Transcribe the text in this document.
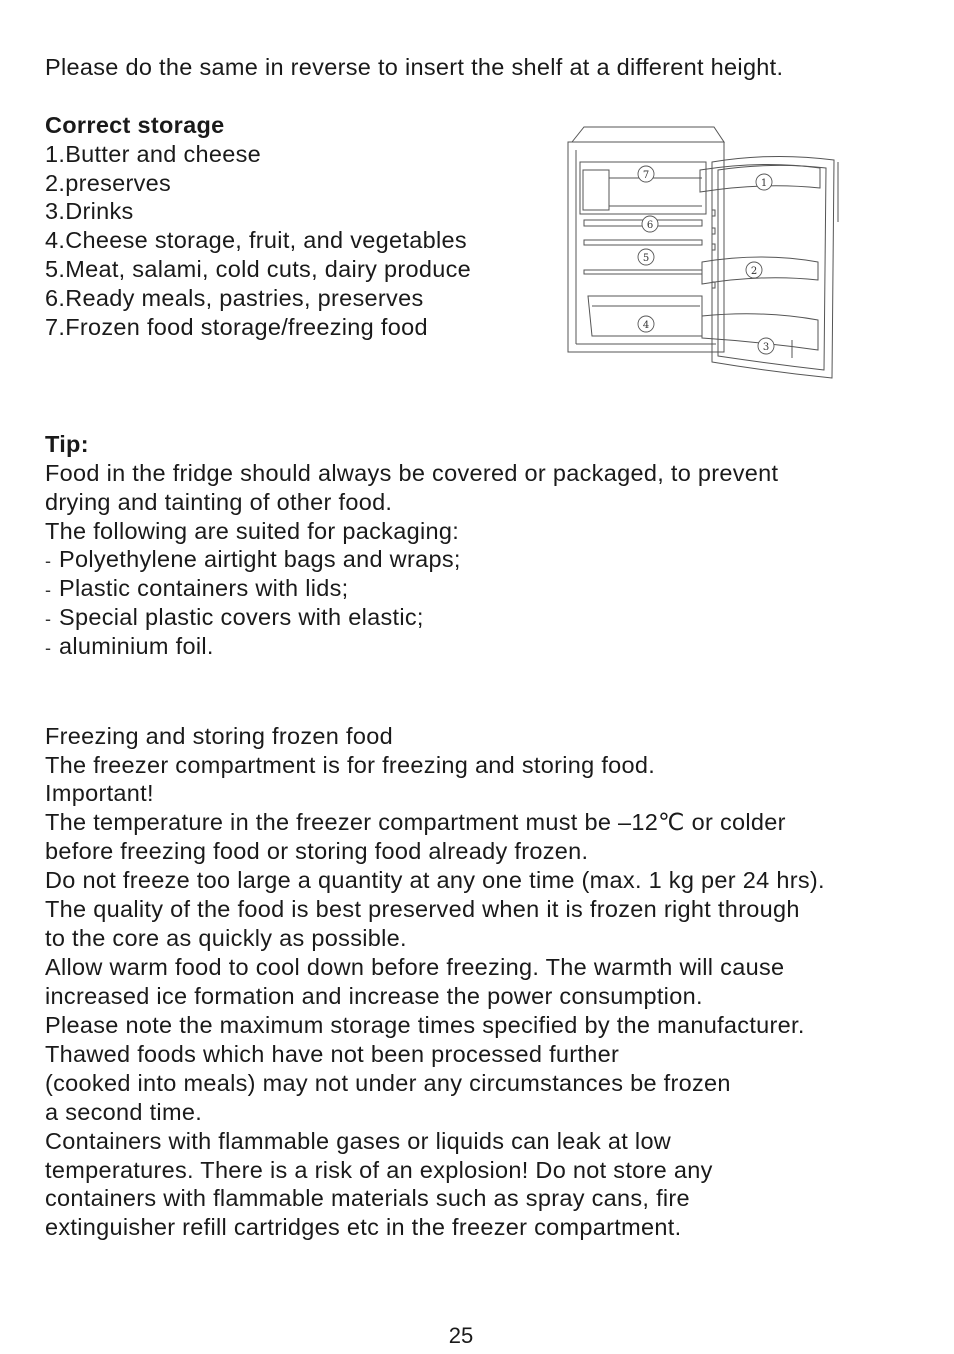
Please do the same in reverse to insert the shelf at a different height.
Correct storage
1.Butter and cheese
2.preserves
3.Drinks
4.Cheese storage, fruit, and vegetables
5.Meat, salami, cold cuts, dairy produce
6.Ready meals, pastries, preserves
7.Frozen food storage/freezing food
7
1
6
5
2
4
3
Tip:
Food in the fridge should always be covered or packaged, to prevent
drying and tainting of other food.
The following are suited for packaging:
- Polyethylene airtight bags and wraps;
- Plastic containers with lids;
- Special plastic covers with elastic;
- aluminium foil.
Freezing and storing frozen food
The freezer compartment is for freezing and storing food.
Important!
The temperature in the freezer compartment must be –12℃ or colder
before freezing food or storing food already frozen.
Do not freeze too large a quantity at any one time (max. 1 kg per 24 hrs).
The quality of the food is best preserved when it is frozen right through
to the core as quickly as possible.
Allow warm food to cool down before freezing. The warmth will cause
increased ice formation and increase the power consumption.
Please note the maximum storage times specified by the manufacturer.
Thawed foods which have not been processed further
(cooked into meals) may not under any circumstances be frozen
a second time.
Containers with flammable gases or liquids can leak at low
temperatures. There is a risk of an explosion! Do not store any
containers with flammable materials such as spray cans, fire
extinguisher refill cartridges etc in the freezer compartment.
25
